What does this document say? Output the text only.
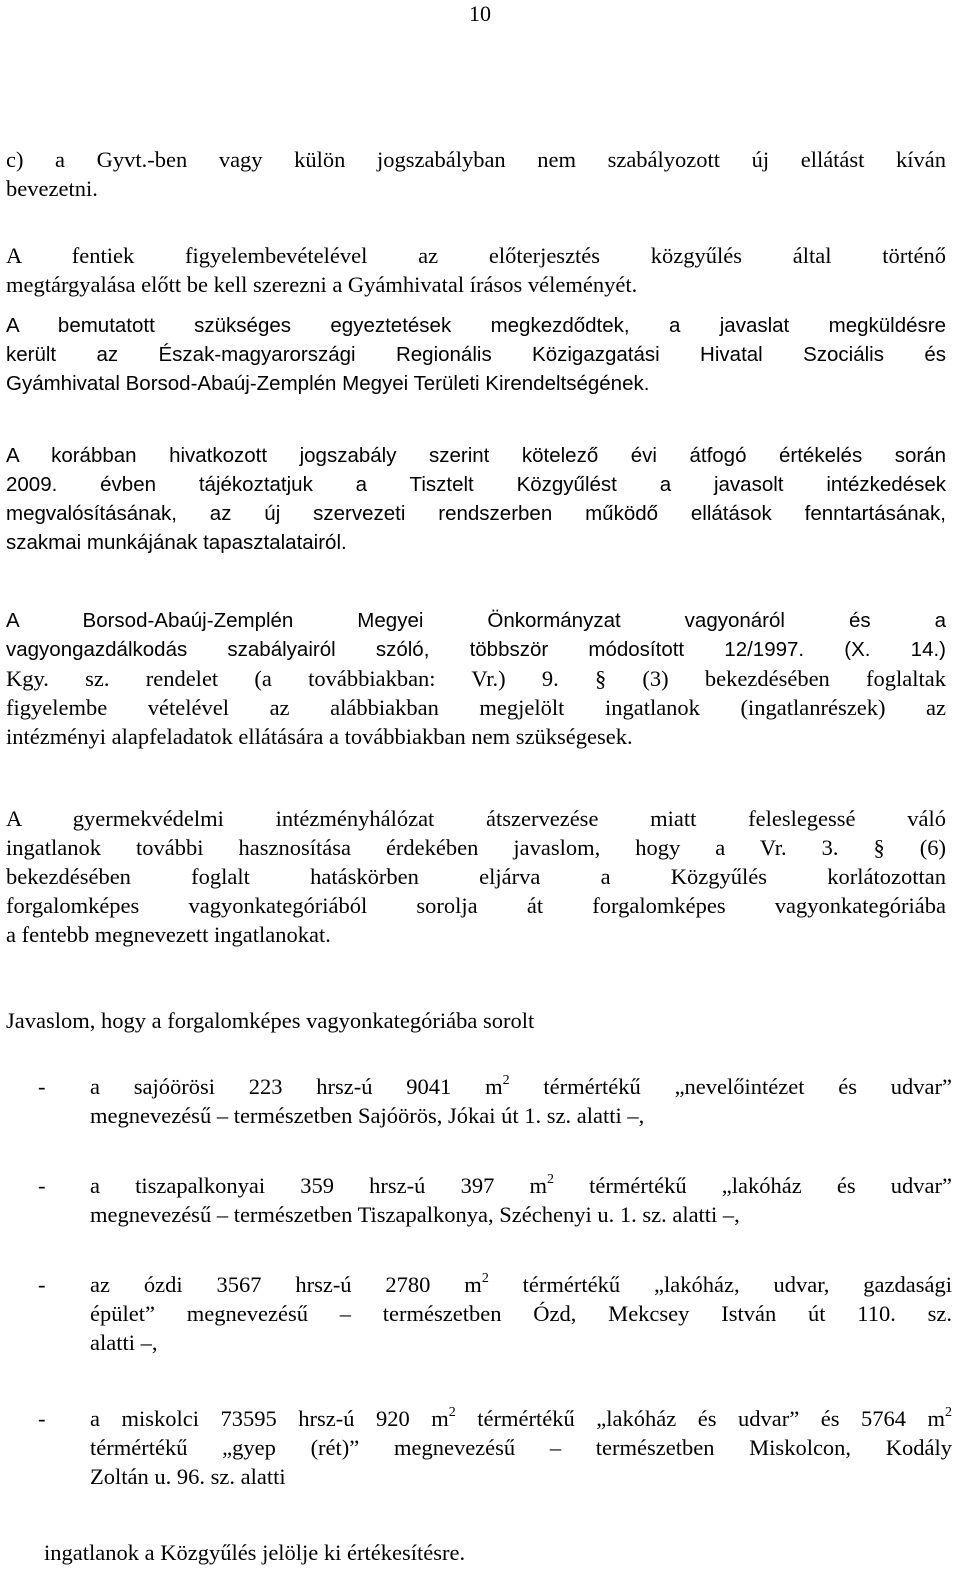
10
c) a Gyvt.-ben vagy külön jogszabályban nem szabályozott új ellátást kíván
bevezetni.
A fentiek figyelembevételével az előterjesztés közgyűlés által történő
megtárgyalása előtt be kell szerezni a Gyámhivatal írásos véleményét.
A bemutatott szükséges egyeztetések megkezdődtek, a javaslat megküldésre
került az Észak-magyarországi Regionális Közigazgatási Hivatal Szociális és
Gyámhivatal Borsod-Abaúj-Zemplén Megyei Területi Kirendeltségének.
A korábban hivatkozott jogszabály szerint kötelező évi átfogó értékelés során
2009. évben tájékoztatjuk a Tisztelt Közgyűlést a javasolt intézkedések
megvalósításának, az új szervezeti rendszerben működő ellátások fenntartásának,
szakmai munkájának tapasztalatairól.
A Borsod-Abaúj-Zemplén Megyei Önkormányzat vagyonáról és a
vagyongazdálkodás szabályairól szóló, többször módosított 12/1997. (X. 14.)
Kgy. sz. rendelet (a továbbiakban: Vr.) 9. § (3) bekezdésében foglaltak
figyelembe vételével az alábbiakban megjelölt ingatlanok (ingatlanrészek) az
intézményi alapfeladatok ellátására a továbbiakban nem szükségesek.
A gyermekvédelmi intézményhálózat átszervezése miatt feleslegessé váló
ingatlanok további hasznosítása érdekében javaslom, hogy a Vr. 3. § (6)
bekezdésében foglalt hatáskörben eljárva a Közgyűlés korlátozottan
forgalomképes vagyonkategóriából sorolja át forgalomképes vagyonkategóriába
a fentebb megnevezett ingatlanokat.
Javaslom, hogy a forgalomképes vagyonkategóriába sorolt
- a sajóörösi 223 hrsz-ú 9041 $m^2$ térmértékű „nevelőintézet és udvar”
megnevezésű – természetben Sajóörös, Jókai út 1. sz. alatti –,
- a tiszapalkonyai 359 hrsz-ú 397 $m^2$ térmértékű „lakóház és udvar”
megnevezésű – természetben Tiszapalkonya, Széchenyi u. 1. sz. alatti –,
- az ózdi 3567 hrsz-ú 2780 $m^2$ térmértékű „lakóház, udvar, gazdasági
épület” megnevezésű – természetben Ózd, Mekcsey István út 110. sz.
alatti –,
- a miskolci 73595 hrsz-ú 920 $m^2$ térmértékű „lakóház és udvar” és 5764 $m^2$
térmértékű „gyep (rét)” megnevezésű – természetben Miskolcon, Kodály
Zoltán u. 96. sz. alatti
ingatlanok a Közgyűlés jelölje ki értékesítésre.
